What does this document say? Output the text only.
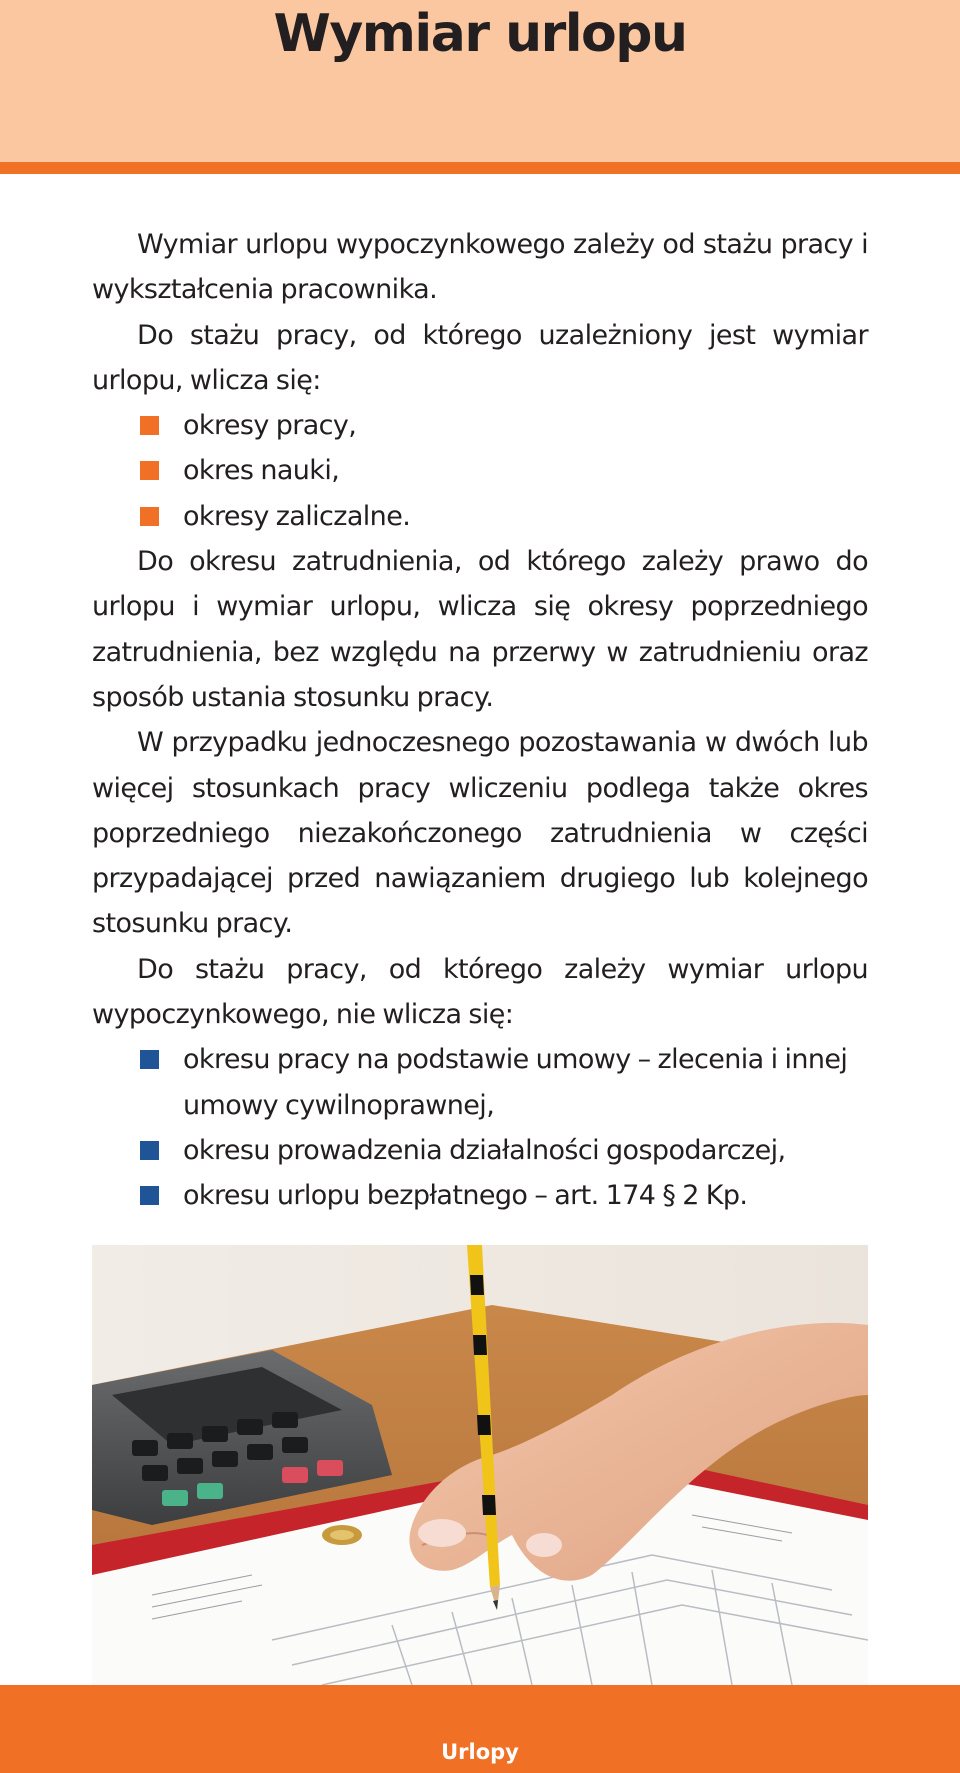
Wymiar urlopu

Wymiar urlopu wypoczynkowego zależy od stażu pracy i wykształcenia pracownika.

Do stażu pracy, od którego uzależniony jest wymiar urlopu, wlicza się:

okresy pracy,
okres nauki,
okresy zaliczalne.

Do okresu zatrudnienia, od którego zależy prawo do urlopu i wymiar urlopu, wlicza się okresy poprzedniego zatrudnienia, bez względu na przerwy w zatrudnieniu oraz sposób ustania stosunku pracy.

W przypadku jednoczesnego pozostawania w dwóch lub więcej stosunkach pracy wliczeniu podlega także okres poprzedniego niezakończonego zatrudnienia w części przypadającej przed nawiązaniem drugiego lub kolejnego stosunku pracy.

Do stażu pracy, od którego zależy wymiar urlopu wypoczynkowego, nie wlicza się:

okresu pracy na podstawie umowy – zlecenia i innej umowy cywilnoprawnej,
okresu prowadzenia działalności gospodarczej,
okresu urlopu bezpłatnego – art. 174 § 2 Kp.
Urlopy
